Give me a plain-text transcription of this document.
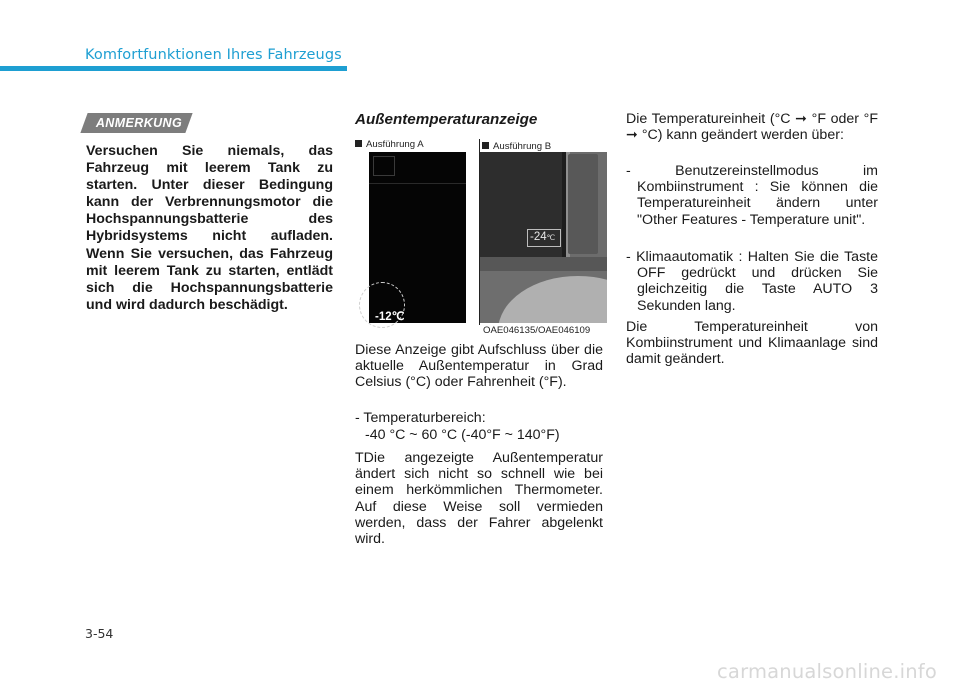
Komfortfunktionen Ihres Fahrzeugs
ANMERKUNG
Versuchen Sie niemals, das Fahrzeug mit leerem Tank zu starten. Unter dieser Bedingung kann der Verbrennungsmotor die Hochspannungsbatterie des Hybridsystems nicht aufladen. Wenn Sie versuchen, das Fahrzeug mit leerem Tank zu starten, entlädt sich die Hochspannungsbatterie und wird dadurch beschädigt.
Außentemperaturanzeige
Ausführung A	Ausführung B
-12℃
-24℃
OAE046135/OAE046109
Diese Anzeige gibt Aufschluss über die aktuelle Außentemperatur in Grad Celsius (°C) oder Fahrenheit (°F).
- Temperaturbereich:
-40 °C ~ 60 °C (-40°F ~ 140°F)
TDie angezeigte Außentemperatur ändert sich nicht so schnell wie bei einem herkömmlichen Thermometer. Auf diese Weise soll vermieden werden, dass der Fahrer abgelenkt wird.
Die Temperatureinheit (°C ➞ °F oder °F ➞ °C) kann geändert werden über:
- Benutzereinstellmodus im Kombiinstrument : Sie können die Temperatureinheit ändern unter "Other Features - Temperature unit".
- Klimaautomatik : Halten Sie die Taste OFF gedrückt und drücken Sie gleichzeitig die Taste AUTO 3 Sekunden lang.
Die Temperatureinheit von Kombiinstrument und Klimaanlage sind damit geändert.
3-54
carmanualsonline.info
